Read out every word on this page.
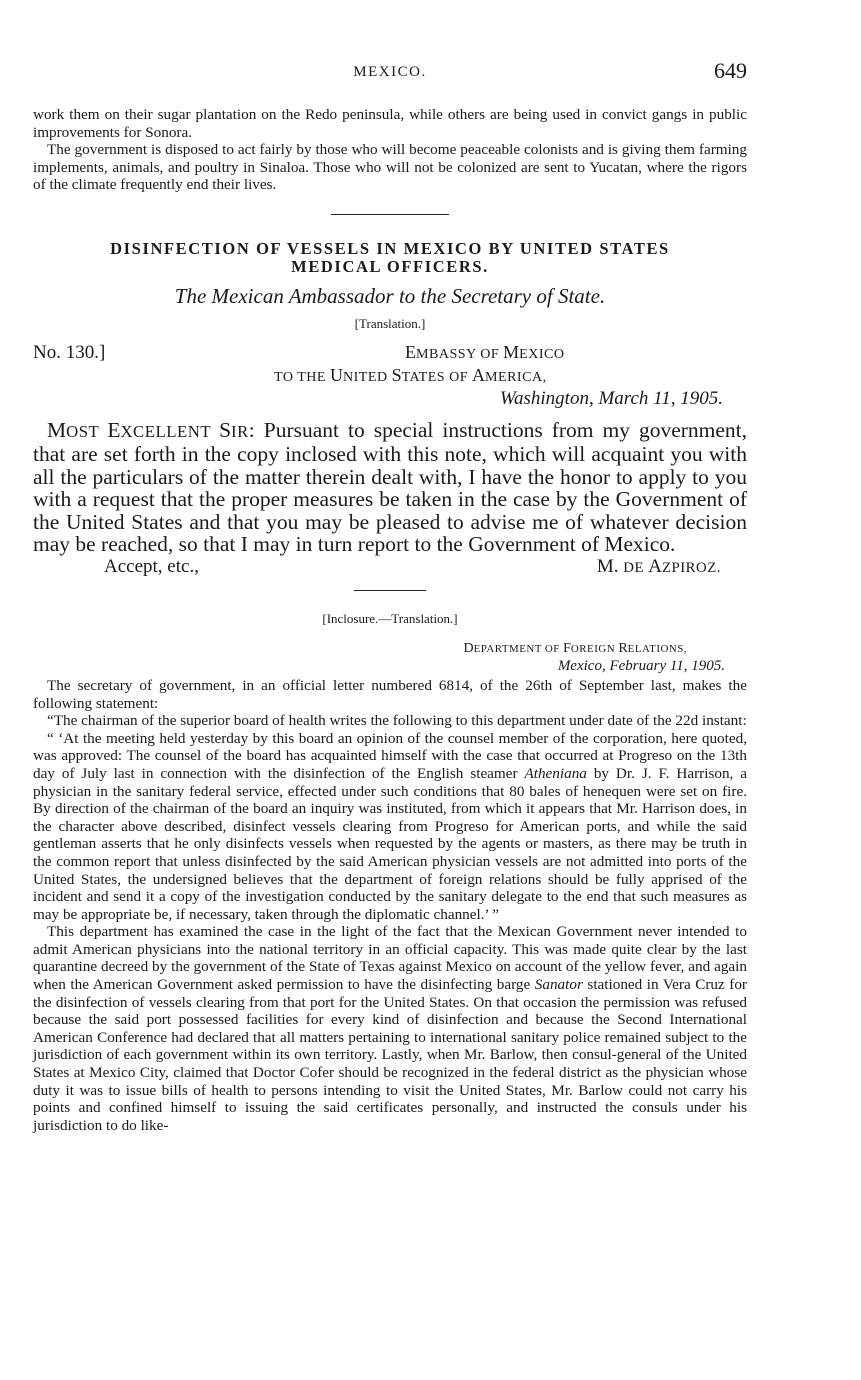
MEXICO.	649

work them on their sugar plantation on the Redo peninsula, while others are being used in convict gangs in public improvements for Sonora.

The government is disposed to act fairly by those who will become peaceable colonists and is giving them farming implements, animals, and poultry in Sinaloa. Those who will not be colonized are sent to Yucatan, where the rigors of the climate frequently end their lives.

DISINFECTION OF VESSELS IN MEXICO BY UNITED STATES
MEDICAL OFFICERS.
The Mexican Ambassador to the Secretary of State.
[Translation.]
No. 130.]	EMBASSY OF MEXICO
TO THE UNITED STATES OF AMERICA,
Washington, March 11, 1905.

MOST EXCELLENT SIR: Pursuant to special instructions from my government, that are set forth in the copy inclosed with this note, which will acquaint you with all the particulars of the matter therein dealt with, I have the honor to apply to you with a request that the proper measures be taken in the case by the Government of the United States and that you may be pleased to advise me of whatever decision may be reached, so that I may in turn report to the Government of Mexico.

Accept, etc.,	M. DE AZPIROZ.
[Inclosure.—Translation.]
DEPARTMENT OF FOREIGN RELATIONS,
Mexico, February 11, 1905.

The secretary of government, in an official letter numbered 6814, of the 26th of September last, makes the following statement:

“The chairman of the superior board of health writes the following to this department under date of the 22d instant:

“ ‘At the meeting held yesterday by this board an opinion of the counsel member of the corporation, here quoted, was approved: The counsel of the board has acquainted himself with the case that occurred at Progreso on the 13th day of July last in connection with the disinfection of the English steamer Atheniana by Dr. J. F. Harrison, a physician in the sanitary federal service, effected under such conditions that 80 bales of henequen were set on fire. By direction of the chairman of the board an inquiry was instituted, from which it appears that Mr. Harrison does, in the character above described, disinfect vessels clearing from Progreso for American ports, and while the said gentleman asserts that he only disinfects vessels when requested by the agents or masters, as there may be truth in the common report that unless disinfected by the said American physician vessels are not admitted into ports of the United States, the undersigned believes that the department of foreign relations should be fully apprised of the incident and send it a copy of the investigation conducted by the sanitary delegate to the end that such measures as may be appropriate be, if necessary, taken through the diplomatic channel.’ ”

This department has examined the case in the light of the fact that the Mexican Government never intended to admit American physicians into the national territory in an official capacity. This was made quite clear by the last quarantine decreed by the government of the State of Texas against Mexico on account of the yellow fever, and again when the American Government asked permission to have the disinfecting barge Sanator stationed in Vera Cruz for the disinfection of vessels clearing from that port for the United States. On that occasion the permission was refused because the said port possessed facilities for every kind of disinfection and because the Second International American Conference had declared that all matters pertaining to international sanitary police remained subject to the jurisdiction of each government within its own territory. Lastly, when Mr. Barlow, then consul-general of the United States at Mexico City, claimed that Doctor Cofer should be recognized in the federal district as the physician whose duty it was to issue bills of health to persons intending to visit the United States, Mr. Barlow could not carry his points and confined himself to issuing the said certificates personally, and instructed the consuls under his jurisdiction to do like-
